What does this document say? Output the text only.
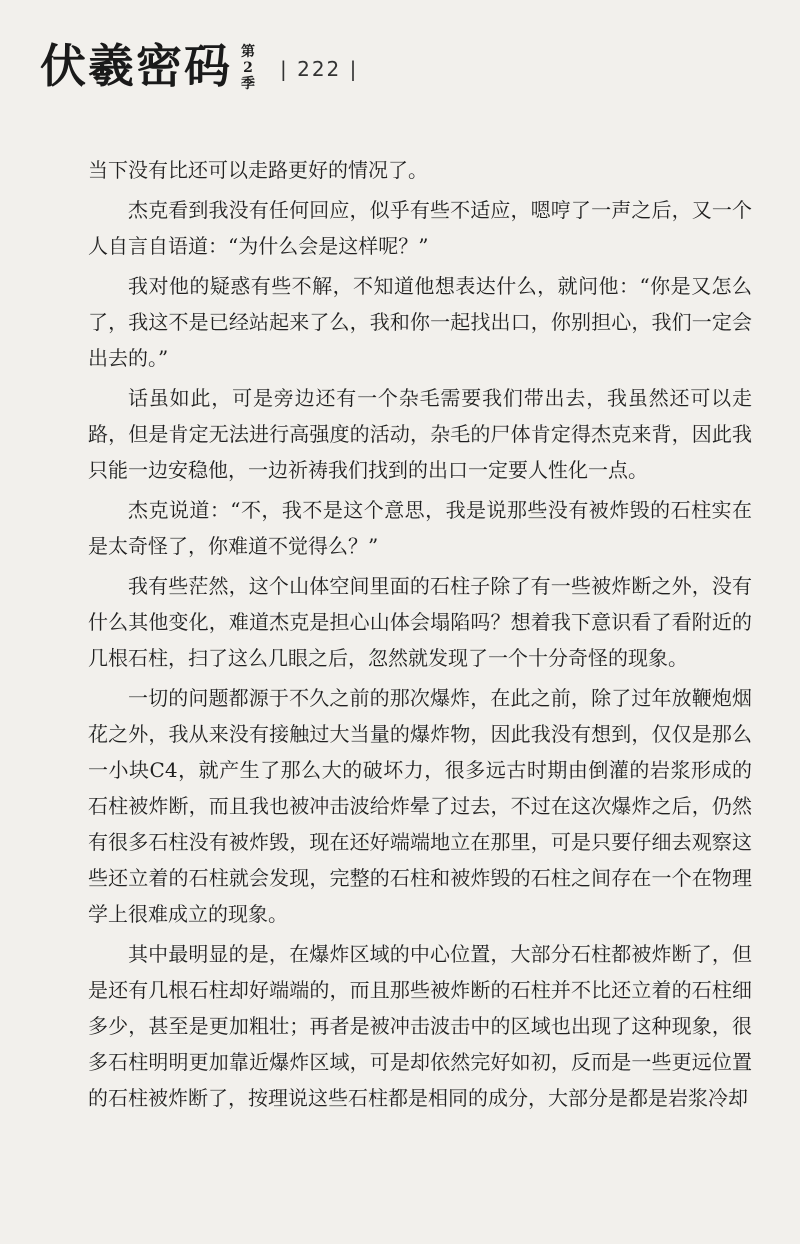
伏羲密码 第2季
| 222 |

当下没有比还可以走路更好的情况了。

杰克看到我没有任何回应，似乎有些不适应，嗯哼了一声之后，又一个人自言自语道：“为什么会是这样呢？”

我对他的疑惑有些不解，不知道他想表达什么，就问他：“你是又怎么了，我这不是已经站起来了么，我和你一起找出口，你别担心，我们一定会出去的。”

话虽如此，可是旁边还有一个杂毛需要我们带出去，我虽然还可以走路，但是肯定无法进行高强度的活动，杂毛的尸体肯定得杰克来背，因此我只能一边安稳他，一边祈祷我们找到的出口一定要人性化一点。

杰克说道：“不，我不是这个意思，我是说那些没有被炸毁的石柱实在是太奇怪了，你难道不觉得么？”

我有些茫然，这个山体空间里面的石柱子除了有一些被炸断之外，没有什么其他变化，难道杰克是担心山体会塌陷吗？想着我下意识看了看附近的几根石柱，扫了这么几眼之后，忽然就发现了一个十分奇怪的现象。

一切的问题都源于不久之前的那次爆炸，在此之前，除了过年放鞭炮烟花之外，我从来没有接触过大当量的爆炸物，因此我没有想到，仅仅是那么一小块C4，就产生了那么大的破坏力，很多远古时期由倒灌的岩浆形成的石柱被炸断，而且我也被冲击波给炸晕了过去，不过在这次爆炸之后，仍然有很多石柱没有被炸毁，现在还好端端地立在那里，可是只要仔细去观察这些还立着的石柱就会发现，完整的石柱和被炸毁的石柱之间存在一个在物理学上很难成立的现象。

其中最明显的是，在爆炸区域的中心位置，大部分石柱都被炸断了，但是还有几根石柱却好端端的，而且那些被炸断的石柱并不比还立着的石柱细多少，甚至是更加粗壮；再者是被冲击波击中的区域也出现了这种现象，很多石柱明明更加靠近爆炸区域，可是却依然完好如初，反而是一些更远位置的石柱被炸断了，按理说这些石柱都是相同的成分，大部分是都是岩浆冷却
